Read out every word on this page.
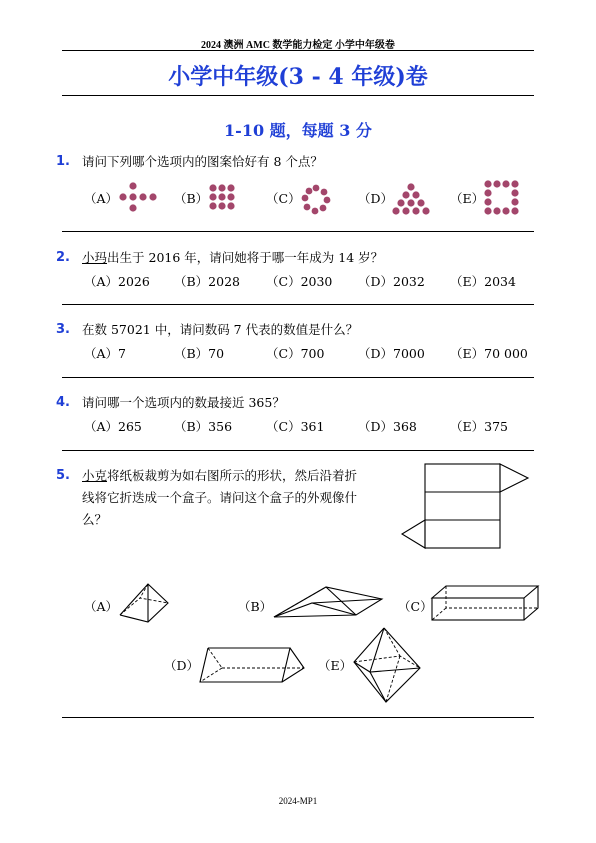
2024 澳洲 AMC 数学能力检定 小学中年级卷
小学中年级(3 - 4 年级)卷
1-10 题，每题 3 分
1. 请问下列哪个选项内的图案恰好有 8 个点？
（A）	（B）	（C）	（D）	（E）
2. 小玛出生于 2016 年，请问她将于哪一年成为 14 岁？
（A）2026 （B）2028 （C）2030 （D）2032 （E）2034
3. 在数 57021 中，请问数码 7 代表的数值是什么？
（A）7	（B）70	（C）700	（D）7000 （E）70 000
4. 请问哪一个选项内的数最接近 365？
（A）265	（B）356	（C）361	（D）368	（E）375
5. 小克将纸板裁剪为如右图所示的形状，然后沿着折
线将它折迭成一个盒子。请问这个盒子的外观像什
么？
（A）	（B）	（C）
（D）	（E）
2024-MP1
